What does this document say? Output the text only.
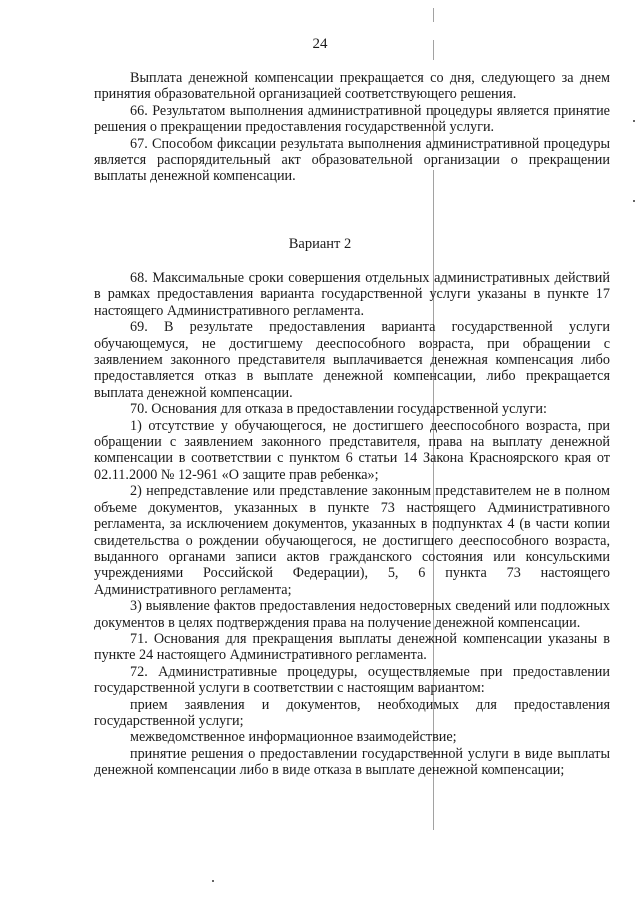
24

Выплата денежной компенсации прекращается со дня, следующего за днем принятия образовательной организацией соответствующего решения.

66. Результатом выполнения административной процедуры является принятие решения о прекращении предоставления государственной услуги.

67. Способом фиксации результата выполнения административной процедуры является распорядительный акт образовательной организации о прекращении выплаты денежной компенсации.

Вариант 2

68. Максимальные сроки совершения отдельных административных действий в рамках предоставления варианта государственной услуги указаны в пункте 17 настоящего Административного регламента.

69. В результате предоставления варианта государственной услуги обучающемуся, не достигшему дееспособного возраста, при обращении с заявлением законного представителя выплачивается денежная компенсация либо предоставляется отказ в выплате денежной компенсации, либо прекращается выплата денежной компенсации.

70. Основания для отказа в предоставлении государственной услуги:

1) отсутствие у обучающегося, не достигшего дееспособного возраста, при обращении с заявлением законного представителя, права на выплату денежной компенсации в соответствии с пунктом 6 статьи 14 Закона Красноярского края от 02.11.2000 № 12-961 «О защите прав ребенка»;

2) непредставление или представление законным представителем не в полном объеме документов, указанных в пункте 73 настоящего Административного регламента, за исключением документов, указанных в подпунктах 4 (в части копии свидетельства о рождении обучающегося, не достигшего дееспособного возраста, выданного органами записи актов гражданского состояния или консульскими учреждениями Российской Федерации), 5, 6 пункта 73 настоящего Административного регламента;

3) выявление фактов предоставления недостоверных сведений или подложных документов в целях подтверждения права на получение денежной компенсации.

71. Основания для прекращения выплаты денежной компенсации указаны в пункте 24 настоящего Административного регламента.

72. Административные процедуры, осуществляемые при предоставлении государственной услуги в соответствии с настоящим вариантом:

прием заявления и документов, необходимых для предоставления государственной услуги;

межведомственное информационное взаимодействие;

принятие решения о предоставлении государственной услуги в виде выплаты денежной компенсации либо в виде отказа в выплате денежной компенсации;
